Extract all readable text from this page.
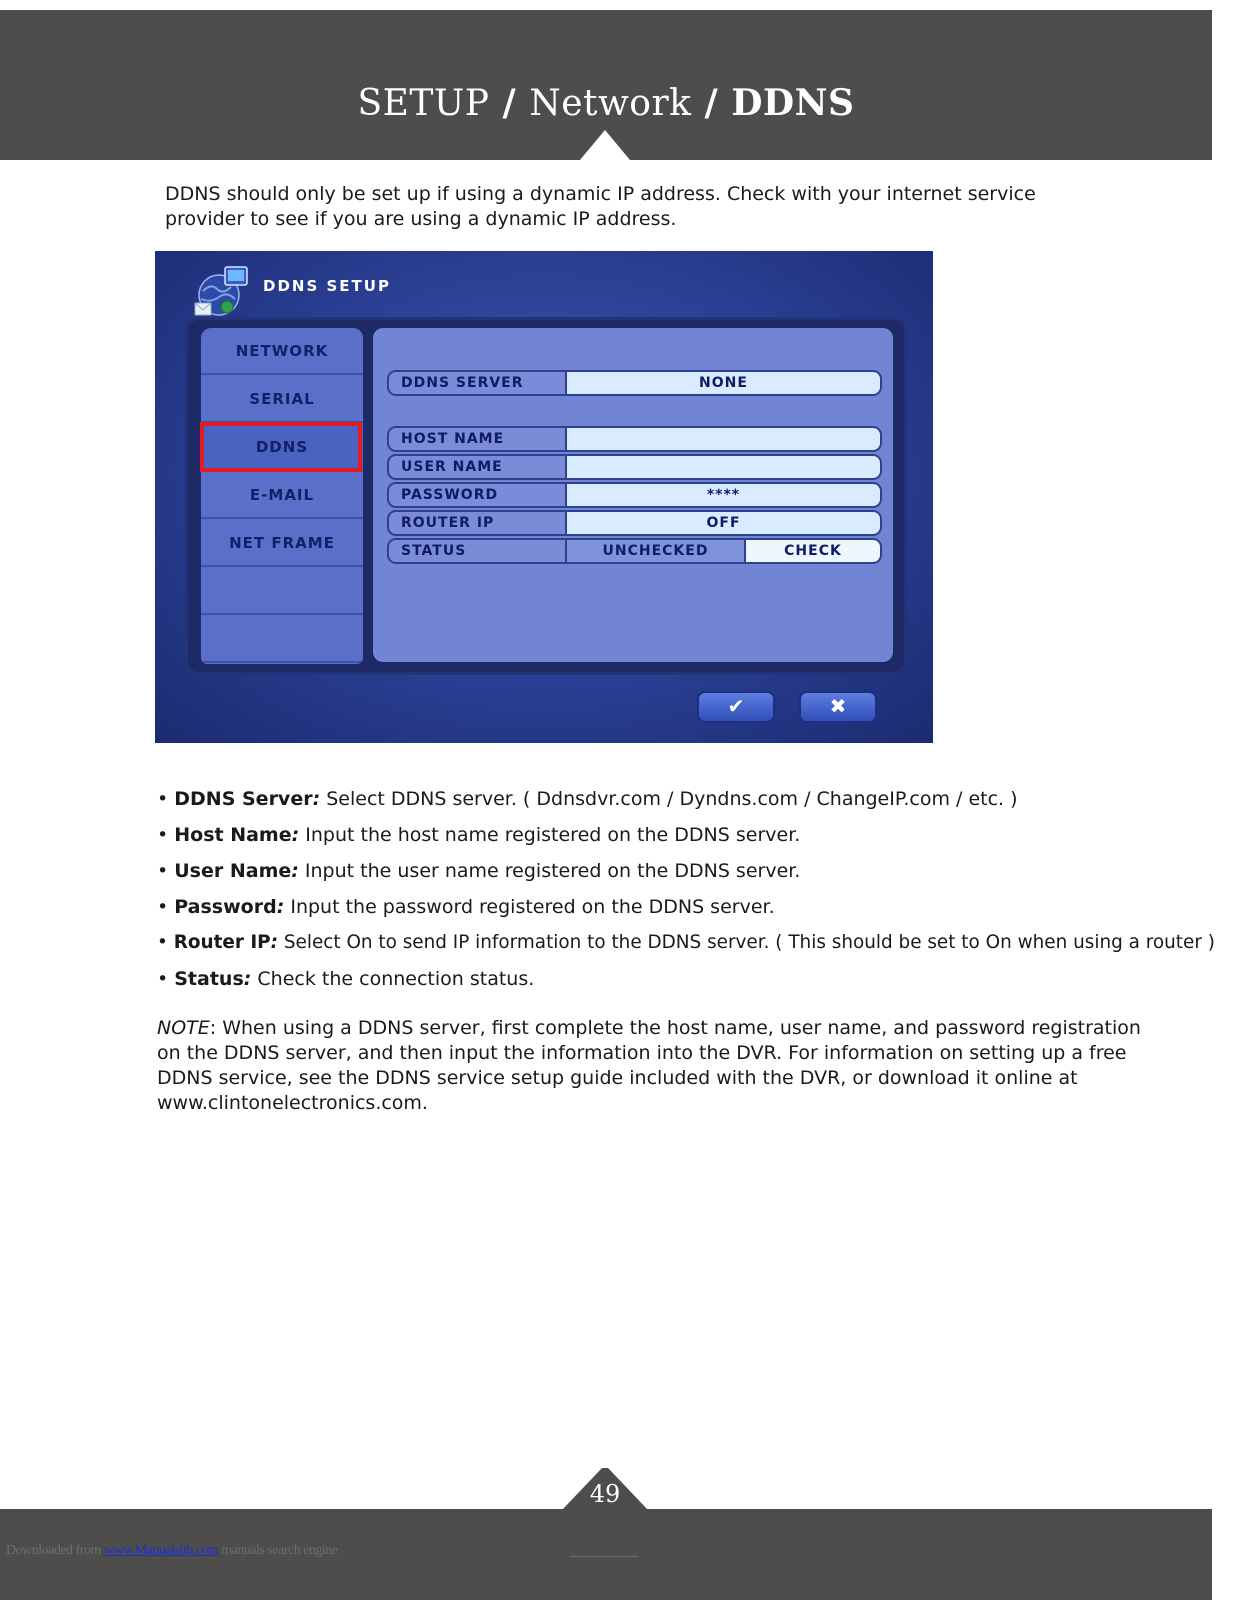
SETUP / Network / DDNS

DDNS should only be set up if using a dynamic IP address. Check with your internet service provider to see if you are using a dynamic IP address.

DDNS SETUP
NETWORK
SERIAL
DDNS
E-MAIL
NET FRAME
DDNS SERVER	NONE
HOST NAME
USER NAME
PASSWORD	****
ROUTER IP	OFF
STATUS	UNCHECKED	CHECK
✔	✖
• DDNS Server: Select DDNS server. ( Ddnsdvr.com / Dyndns.com / ChangeIP.com / etc. )
• Host Name: Input the host name registered on the DDNS server.
• User Name: Input the user name registered on the DDNS server.
• Password: Input the password registered on the DDNS server.
• Router IP: Select On to send IP information to the DDNS server. ( This should be set to On when using a router )
• Status: Check the connection status.

NOTE: When using a DDNS server, first complete the host name, user name, and password registration on the DDNS server, and then input the information into the DVR. For information on setting up a free DDNS service, see the DDNS service setup guide included with the DVR, or download it online at www.clintonelectronics.com.

49
Downloaded from www.Manualslib.com manuals search engine
